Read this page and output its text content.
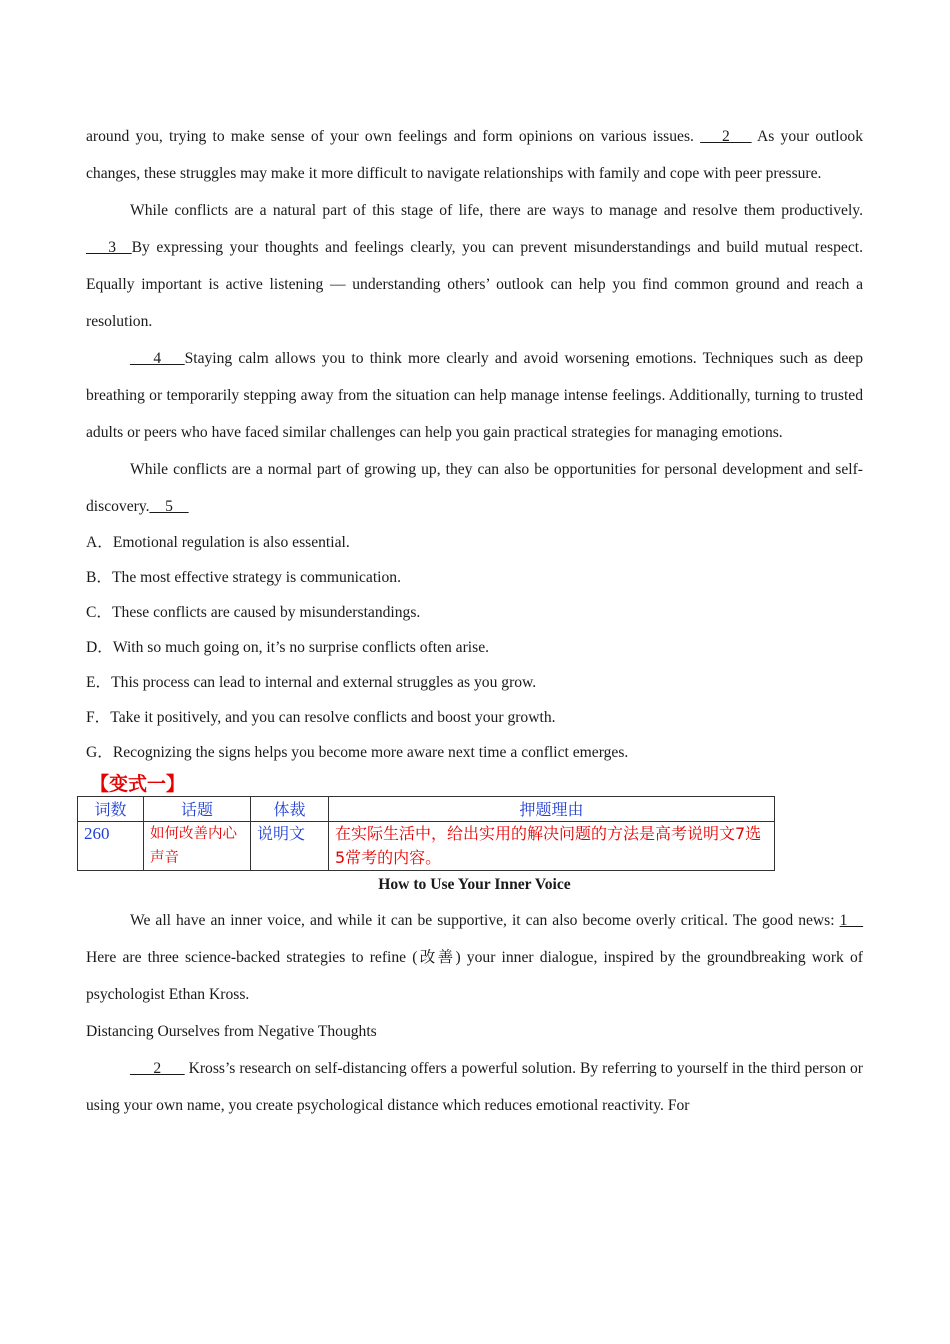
around you, trying to make sense of your own feelings and form opinions on various issues.  __2__  As your outlook changes, these struggles may make it more difficult to navigate relationships with family and cope with peer pressure.

While conflicts are a natural part of this stage of life, there are ways to manage and resolve them productively.  __3__By expressing your thoughts and feelings clearly, you can prevent misunderstandings and build mutual respect. Equally important is active listening — understanding others’ outlook can help you find common ground and reach a resolution.

___4___Staying calm allows you to think more clearly and avoid worsening emotions. Techniques such as deep breathing or temporarily stepping away from the situation can help manage intense feelings. Additionally, turning to trusted adults or peers who have faced similar challenges can help you gain practical strategies for managing emotions.

While conflicts are a normal part of growing up, they can also be opportunities for personal development and self-discovery.__5__

A．Emotional regulation is also essential.

B．The most effective strategy is communication.

C．These conflicts are caused by misunderstandings.

D．With so much going on, it’s no surprise conflicts often arise.

E．This process can lead to internal and external struggles as you grow.

F．Take it positively, and you can resolve conflicts and boost your growth.

G．Recognizing the signs helps you become more aware next time a conflict emerges.

【变式一】
词数	话题	体裁	押题理由
260	如何改善内心声音	说明文	在实际生活中，给出实用的解决问题的方法是高考说明文7选5常考的内容。
How to Use Your Inner Voice

We all have an inner voice, and while it can be supportive, it can also become overly critical. The good news: 1__ Here are three science-backed strategies to refine (改善) your inner dialogue, inspired by the groundbreaking work of psychologist Ethan Kross.

Distancing Ourselves from Negative Thoughts

___2___ Kross’s research on self-distancing offers a powerful solution. By referring to yourself in the third person or using your own name, you create psychological distance which reduces emotional reactivity. For
